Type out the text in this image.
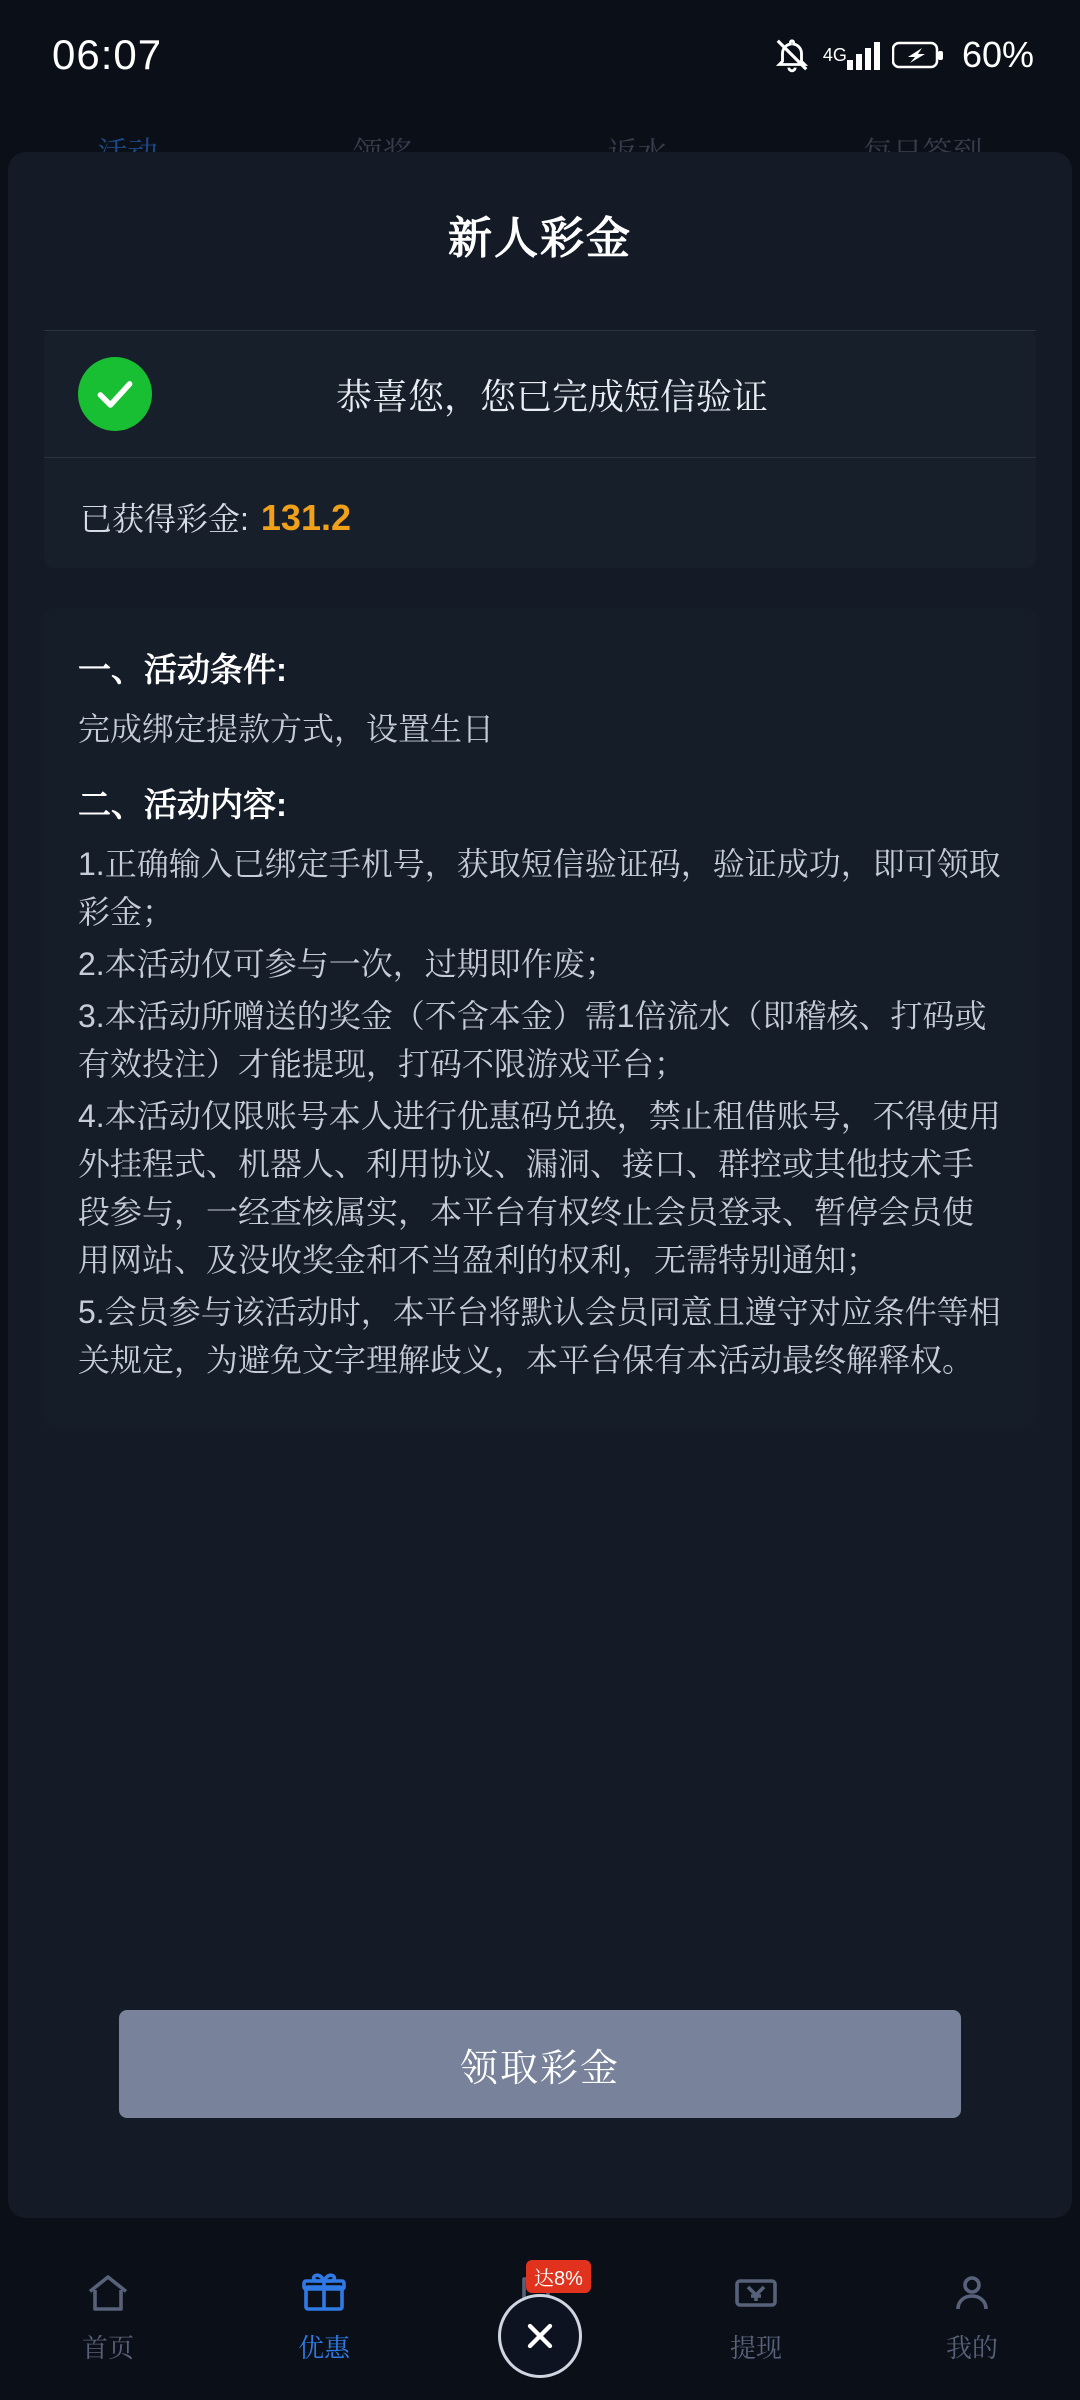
06:07	4G	60%
新人彩金
恭喜您，您已完成短信验证
已获得彩金: 131.2
一、活动条件:

完成绑定提款方式，设置生日

二、活动内容:

1.正确输入已绑定手机号，获取短信验证码，验证成功，即可领取彩金；

2.本活动仅可参与一次，过期即作废；

3.本活动所赠送的奖金（不含本金）需1倍流水（即稽核、打码或有效投注）才能提现，打码不限游戏平台；

4.本活动仅限账号本人进行优惠码兑换，禁止租借账号，不得使用外挂程式、机器人、利用协议、漏洞、接口、群控或其他技术手段参与，一经查核属实，本平台有权终止会员登录、暂停会员使用网站、及没收奖金和不当盈利的权利，无需特别通知；

5.会员参与该活动时，本平台将默认会员同意且遵守对应条件等相关规定，为避免文字理解歧义，本平台保有本活动最终解释权。

领取彩金
首页	优惠
达8%
提现	我的
